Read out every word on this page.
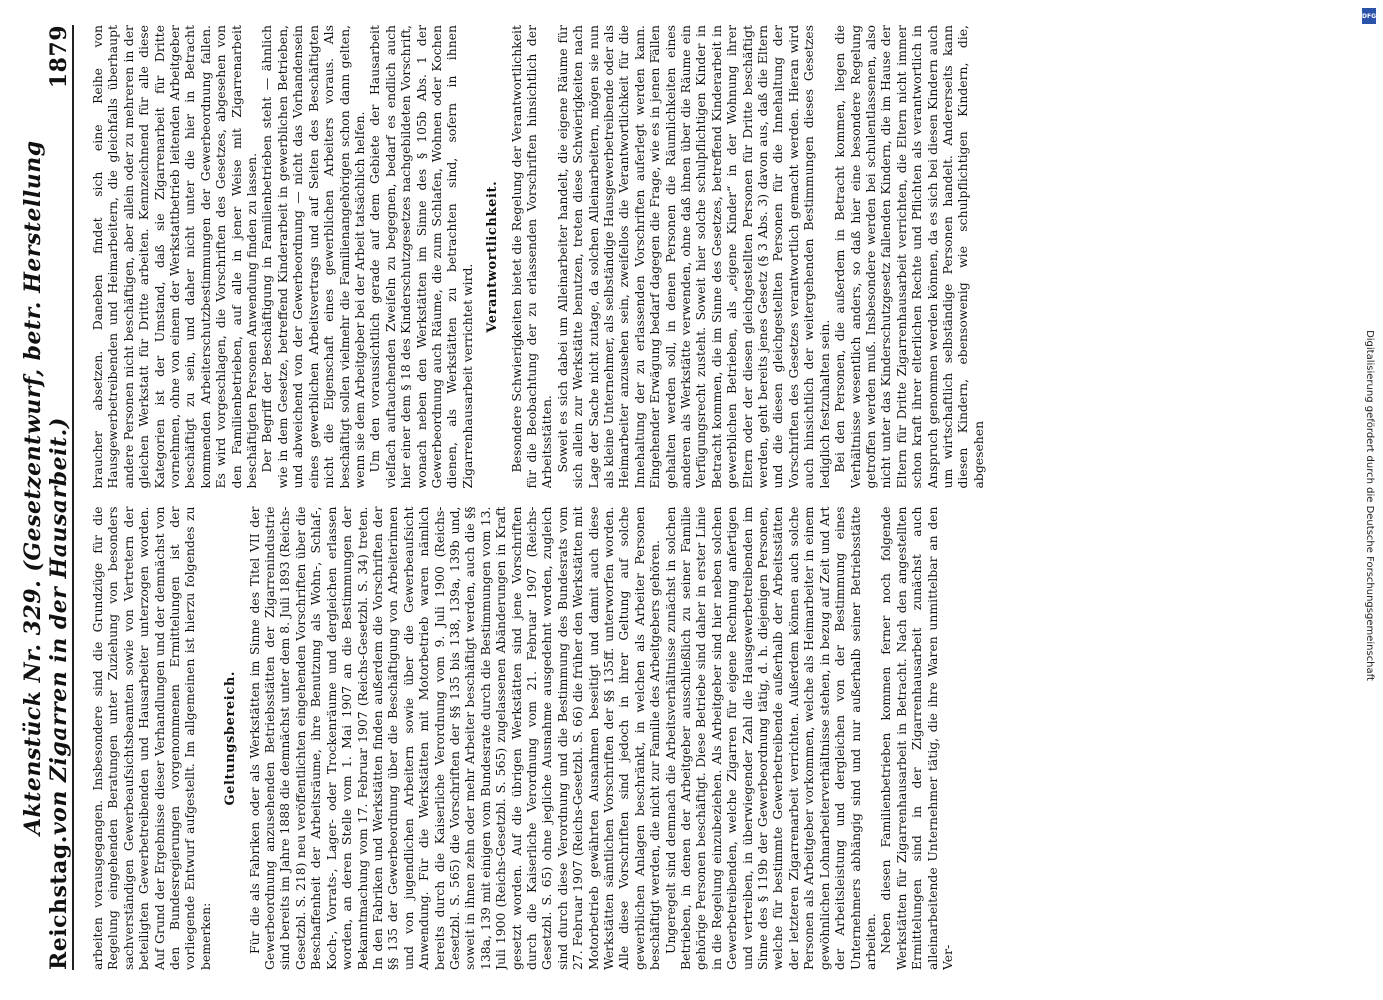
Reichstag.
Aktenstück Nr. 329. (Gesetzentwurf, betr. Herstellung von Zigarren in der Hausarbeit.)
1879

arbeiten vorausgegangen. Insbesondere sind die Grundzüge für die Regelung eingehenden Beratungen unter Zuziehung von besonders sachverständigen Gewerbeaufsichtsbeamten sowie von Vertretern der beteiligten Gewerbetreibenden und Hausarbeiter unterzogen worden. Auf Grund der Ergebnisse dieser Verhandlungen und der demnächst von den Bundesregierungen vorgenommenen Ermittelungen ist der vorliegende Entwurf aufgestellt. Im allgemeinen ist hierzu folgendes zu bemerken:

Geltungsbereich. Für die als Fabriken oder als Werkstätten im Sinne des Titel VII der Gewerbeordnung anzusehenden Betriebsstätten der Zigarrenindustrie sind bereits im Jahre 1888 die demnächst unter dem 8. Juli 1893 (Reichs-Gesetzbl. S. 218) neu veröffentlichten eingehenden Vorschriften über die Beschaffenheit der Arbeitsräume, ihre Benutzung als Wohn-, Schlaf-, Koch-, Vorrats-, Lager- oder Trockenräume und dergleichen erlassen worden, an deren Stelle vom 1. Mai 1907 an die Bestimmungen der Bekanntmachung vom 17. Februar 1907 (Reichs-Gesetzbl. S. 34) treten. In den Fabriken und Werkstätten finden außerdem die Vorschriften der §§ 135 der Gewerbeordnung über die Beschäftigung von Arbeiterinnen und von jugendlichen Arbeitern sowie über die Gewerbeaufsicht Anwendung. Für die Werkstätten mit Motorbetrieb waren nämlich bereits durch die Kaiserliche Verordnung vom 9. Juli 1900 (Reichs-Gesetzbl. S. 565) die Vorschriften der §§ 135 bis 138, 139a, 139b und, soweit in ihnen zehn oder mehr Arbeiter beschäftigt werden, auch die §§ 138a, 139 mit einigen vom Bundesrate durch die Bestimmungen vom 13. Juli 1900 (Reichs-Gesetzbl. S. 565) zugelassenen Abänderungen in Kraft gesetzt worden. Auf die übrigen Werkstätten sind jene Vorschriften durch die Kaiserliche Verordnung vom 21. Februar 1907 (Reichs-Gesetzbl. S. 65) ohne jegliche Ausnahme ausgedehnt worden, zugleich sind durch diese Verordnung und die Bestimmung des Bundesrats vom 27. Februar 1907 (Reichs-Gesetzbl. S. 66) die früher den Werkstätten mit Motorbetrieb gewährten Ausnahmen beseitigt und damit auch diese Werkstätten sämtlichen Vorschriften der §§ 135ff. unterworfen worden. Alle diese Vorschriften sind jedoch in ihrer Geltung auf solche gewerblichen Anlagen beschränkt, in welchen als Arbeiter Personen beschäftigt werden, die nicht zur Familie des Arbeitgebers gehören. Ungeregelt sind demnach die Arbeitsverhältnisse zunächst in solchen Betrieben, in denen der Arbeitgeber ausschließlich zu seiner Familie gehörige Personen beschäftigt. Diese Betriebe sind daher in erster Linie in die Regelung einzubeziehen. Als Arbeitgeber sind hier neben solchen Gewerbetreibenden, welche Zigarren für eigene Rechnung anfertigen und vertreiben, in überwiegender Zahl die Hausgewerbetreibenden im Sinne des § 119b der Gewerbeordnung tätig, d. h. diejenigen Personen, welche für bestimmte Gewerbetreibende außerhalb der Arbeitsstätten der letzteren Zigarrenarbeit verrichten. Außerdem können auch solche Personen als Arbeitgeber vorkommen, welche als Heimarbeiter in einem gewöhnlichen Lohnarbeiterverhältnisse stehen, in bezug auf Zeit und Art der Arbeitsleistung und dergleichen von der Bestimmung eines Unternehmers abhängig sind und nur außerhalb seiner Betriebsstätte arbeiten. Neben diesen Familienbetrieben kommen ferner noch folgende Werkstätten für Zigarrenhausarbeit in Betracht. Nach den angestellten Ermittelungen sind in der Zigarrenhausarbeit zunächst auch alleinarbeitende Unternehmer tätig, die ihre Waren unmittelbar an den Ver-

braucher absetzen. Daneben findet sich eine Reihe von Hausgewerbetreibenden und Heimarbeitern, die gleichfalls überhaupt andere Personen nicht beschäftigen, aber allein oder zu mehreren in der gleichen Werkstatt für Dritte arbeiten. Kennzeichnend für alle diese Kategorien ist der Umstand, daß sie Zigarrenarbeit für Dritte vornehmen, ohne von einem der Werkstattbetrieb leitenden Arbeitgeber beschäftigt zu sein, und daher nicht unter die hier in Betracht kommenden Arbeiterschutzbestimmungen der Gewerbeordnung fallen. Es wird vorgeschlagen, die Vorschriften des Gesetzes, abgesehen von den Familienbetrieben, auf alle in jener Weise mit Zigarrenarbeit beschäftigten Personen Anwendung finden zu lassen. Der Begriff der Beschäftigung in Familienbetrieben steht — ähnlich wie in dem Gesetze, betreffend Kinderarbeit in gewerblichen Betrieben, und abweichend von der Gewerbeordnung — nicht das Vorhandensein eines gewerblichen Arbeitsvertrags und auf Seiten des Beschäftigten nicht die Eigenschaft eines gewerblichen Arbeiters voraus. Als beschäftigt sollen vielmehr die Familienangehörigen schon dann gelten, wenn sie dem Arbeitgeber bei der Arbeit tatsächlich helfen. Um den voraussichtlich gerade auf dem Gebiete der Hausarbeit vielfach auftauchenden Zweifeln zu begegnen, bedarf es endlich auch hier einer dem § 18 des Kinderschutzgesetzes nachgebildeten Vorschrift, wonach neben den Werkstätten im Sinne des § 105b Abs. 1 der Gewerbeordnung auch Räume, die zum Schlafen, Wohnen oder Kochen dienen, als Werkstätten zu betrachten sind, sofern in ihnen Zigarrenhausarbeit verrichtet wird.

Verantwortlichkeit. Besondere Schwierigkeiten bietet die Regelung der Verantwortlichkeit für die Beobachtung der zu erlassenden Vorschriften hinsichtlich der Arbeitsstätten. Soweit es sich dabei um Alleinarbeiter handelt, die eigene Räume für sich allein zur Werkstätte benutzen, treten diese Schwierigkeiten nach Lage der Sache nicht zutage, da solchen Alleinarbeitern, mögen sie nun als kleine Unternehmer, als selbständige Hausgewerbetreibende oder als Heimarbeiter anzusehen sein, zweifellos die Verantwortlichkeit für die Innehaltung der zu erlassenden Vorschriften auferlegt werden kann. Eingehender Erwägung bedarf dagegen die Frage, wie es in jenen Fällen gehalten werden soll, in denen Personen die Räumlichkeiten eines anderen als Werkstätte verwenden, ohne daß ihnen über die Räume ein Verfügungsrecht zusteht. Soweit hier solche schulpflichtigen Kinder in Betracht kommen, die im Sinne des Gesetzes, betreffend Kinderarbeit in gewerblichen Betrieben, als „eigene Kinder“ in der Wohnung ihrer Eltern oder der diesen gleichgestellten Personen für Dritte beschäftigt werden, geht bereits jenes Gesetz (§ 3 Abs. 3) davon aus, daß die Eltern und die diesen gleichgestellten Personen für die Innehaltung der Vorschriften des Gesetzes verantwortlich gemacht werden. Hieran wird auch hinsichtlich der weitergehenden Bestimmungen dieses Gesetzes lediglich festzuhalten sein. Bei den Personen, die außerdem in Betracht kommen, liegen die Verhältnisse wesentlich anders, so daß hier eine besondere Regelung getroffen werden muß. Insbesondere werden bei schulentlassenen, also nicht unter das Kinderschutzgesetz fallenden Kindern, die im Hause der Eltern für Dritte Zigarrenhausarbeit verrichten, die Eltern nicht immer schon kraft ihrer elterlichen Rechte und Pflichten als verantwortlich in Anspruch genommen werden können, da es sich bei diesen Kindern auch um wirtschaftlich selbständige Personen handelt. Andererseits kann diesen Kindern, ebensowenig wie schulpflichtigen Kindern, die, abgesehen

DFG
Digitalisierung gefördert durch die Deutsche Forschungsgemeinschaft
